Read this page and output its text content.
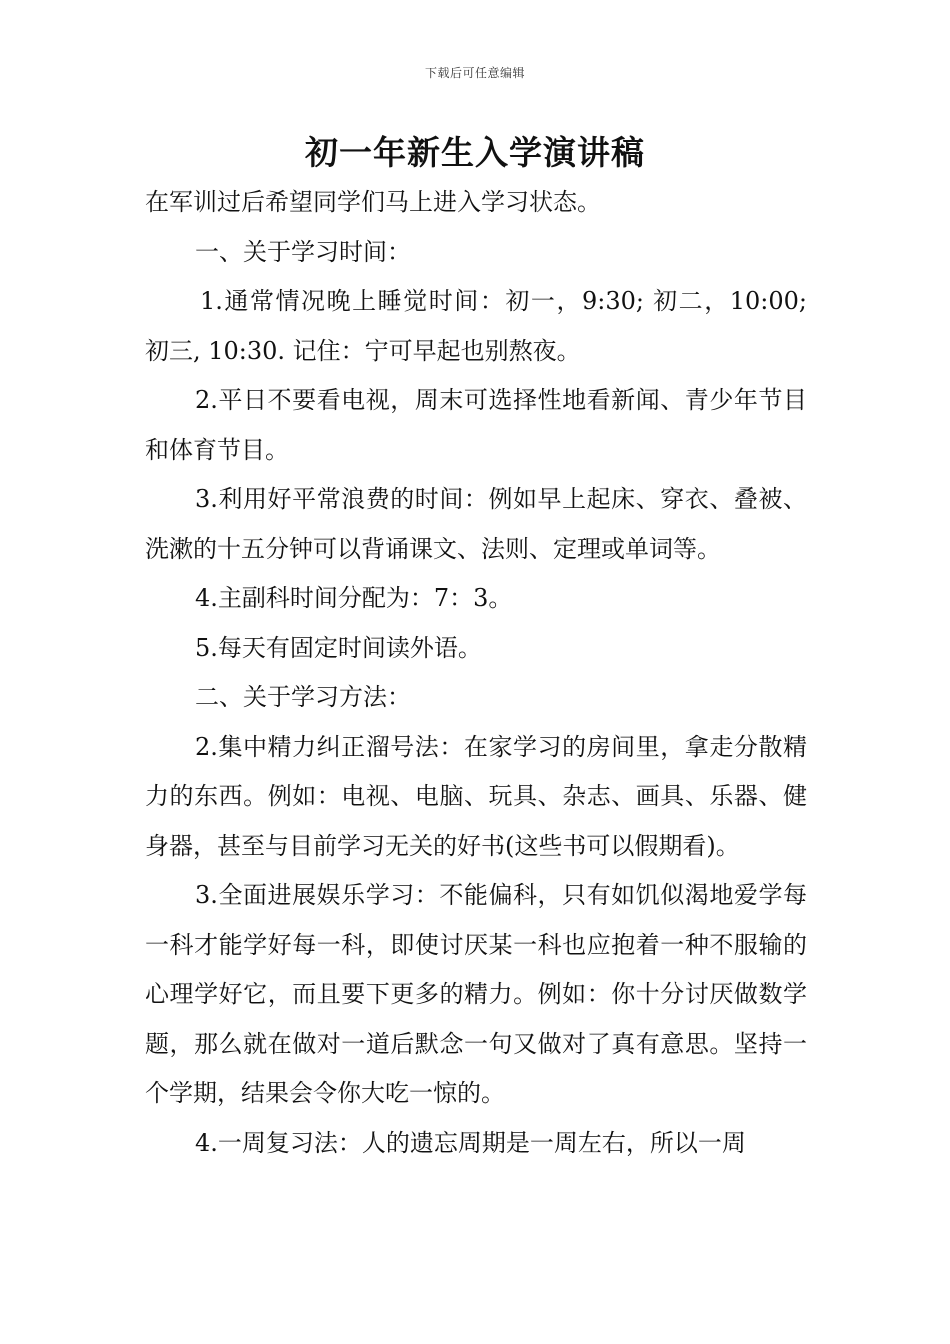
下载后可任意编辑
初一年新生入学演讲稿

在军训过后希望同学们马上进入学习状态。

一、关于学习时间：

1.通常情况晚上睡觉时间：初一，9:30; 初二，10:00; 初三, 10:30. 记住：宁可早起也别熬夜。

2.平日不要看电视，周末可选择性地看新闻、青少年节目和体育节目。

3.利用好平常浪费的时间：例如早上起床、穿衣、叠被、洗漱的十五分钟可以背诵课文、法则、定理或单词等。

4.主副科时间分配为：7：3。

5.每天有固定时间读外语。

二、关于学习方法：

2.集中精力纠正溜号法：在家学习的房间里，拿走分散精力的东西。例如：电视、电脑、玩具、杂志、画具、乐器、健身器，甚至与目前学习无关的好书(这些书可以假期看)。

3.全面进展娱乐学习：不能偏科，只有如饥似渴地爱学每一科才能学好每一科，即使讨厌某一科也应抱着一种不服输的心理学好它，而且要下更多的精力。例如：你十分讨厌做数学题，那么就在做对一道后默念一句又做对了真有意思。坚持一个学期，结果会令你大吃一惊的。

4.一周复习法：人的遗忘周期是一周左右，所以一周
